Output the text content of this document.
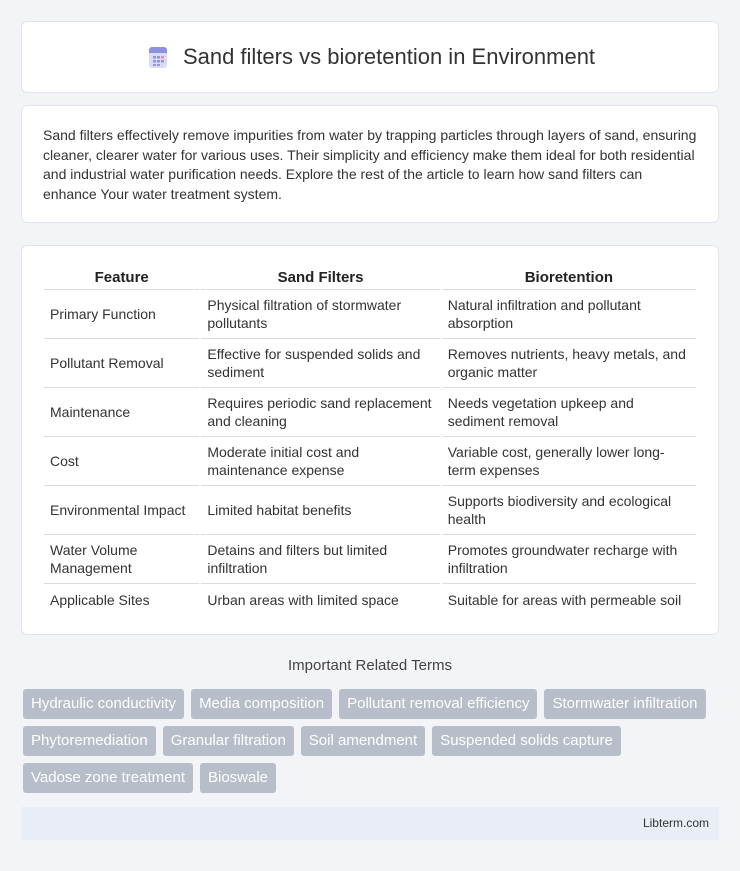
Sand filters vs bioretention in Environment

Sand filters effectively remove impurities from water by trapping particles through layers of sand, ensuring cleaner, clearer water for various uses. Their simplicity and efficiency make them ideal for both residential and industrial water purification needs. Explore the rest of the article to learn how sand filters can enhance Your water treatment system.

Feature	Sand Filters	Bioretention
Primary Function	Physical filtration of stormwater pollutants	Natural infiltration and pollutant absorption
Pollutant Removal	Effective for suspended solids and sediment	Removes nutrients, heavy metals, and organic matter
Maintenance	Requires periodic sand replacement and cleaning	Needs vegetation upkeep and sediment removal
Cost	Moderate initial cost and maintenance expense	Variable cost, generally lower long-term expenses
Environmental Impact	Limited habitat benefits	Supports biodiversity and ecological health
Water Volume Management	Detains and filters but limited infiltration	Promotes groundwater recharge with infiltration
Applicable Sites	Urban areas with limited space	Suitable for areas with permeable soil
Important Related Terms
Hydraulic conductivity	Media composition	Pollutant removal efficiency	Stormwater infiltration
Phytoremediation	Granular filtration	Soil amendment	Suspended solids capture
Vadose zone treatment	Bioswale
Libterm.com
